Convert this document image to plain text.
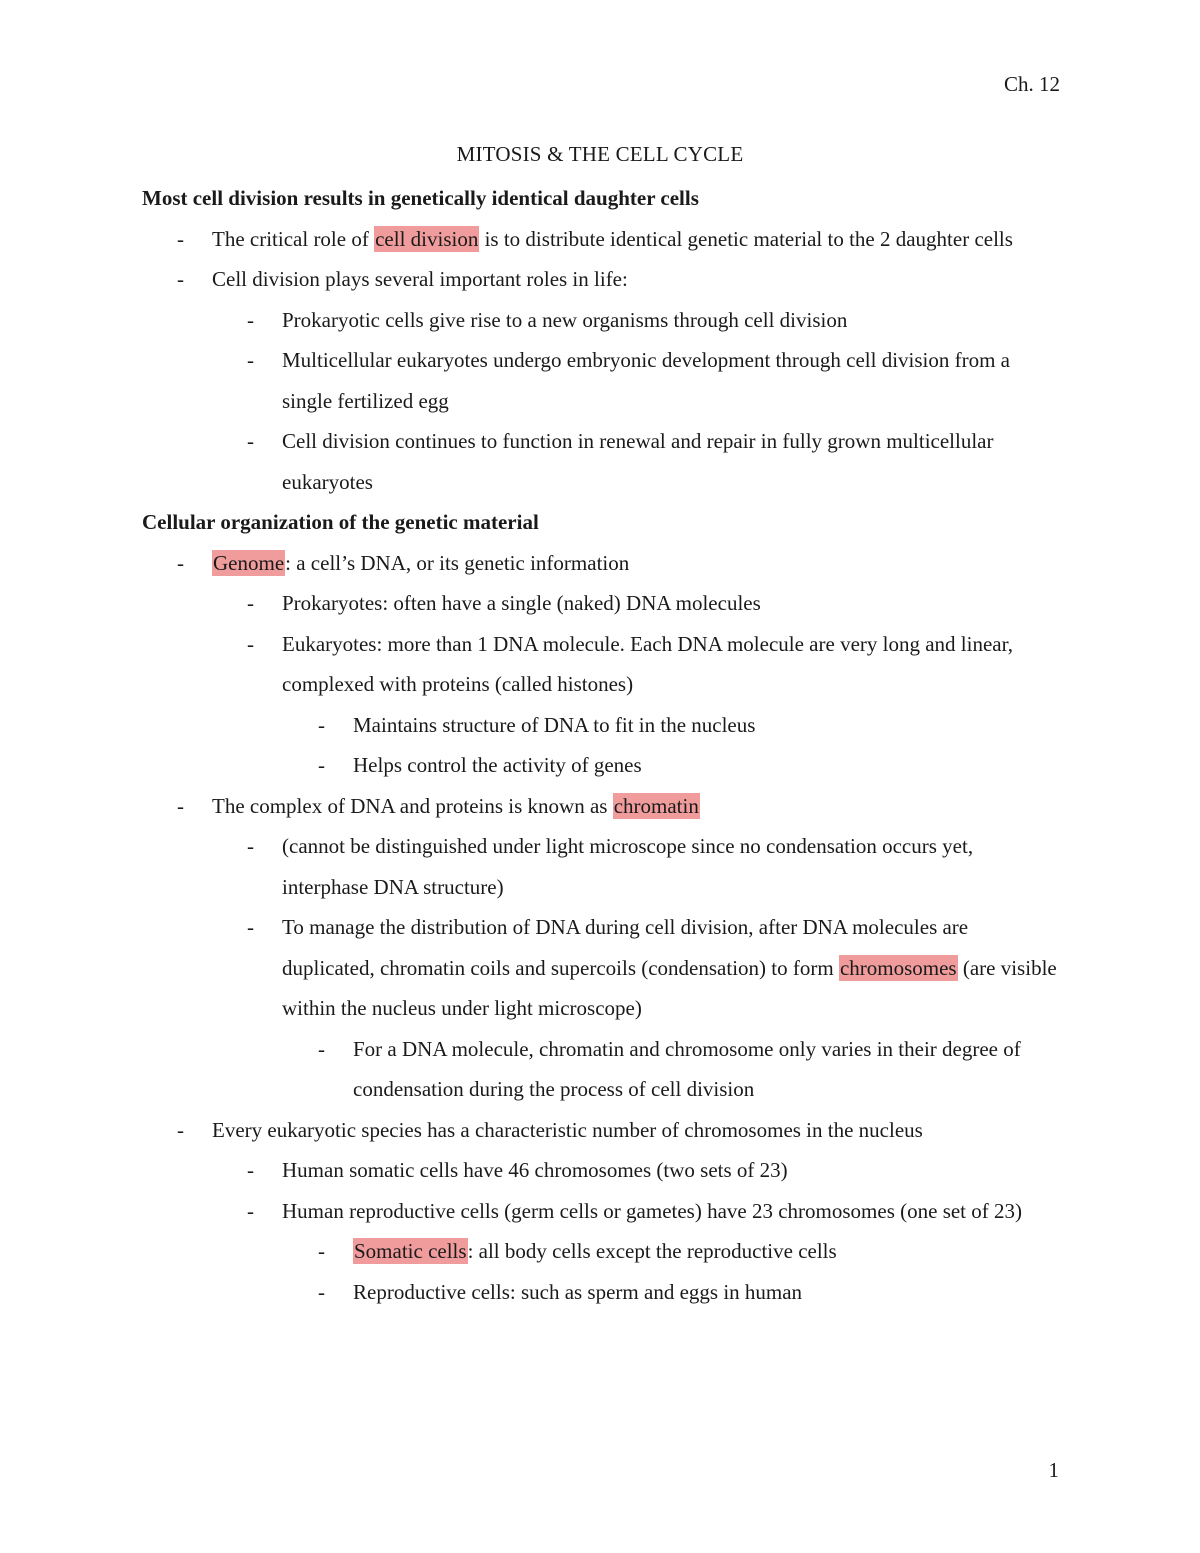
Ch. 12
MITOSIS & THE CELL CYCLE

Most cell division results in genetically identical daughter cells

- The critical role of cell division is to distribute identical genetic material to the 2 daughter cells

- Cell division plays several important roles in life:

- Prokaryotic cells give rise to a new organisms through cell division

- Multicellular eukaryotes undergo embryonic development through cell division from a single fertilized egg

- Cell division continues to function in renewal and repair in fully grown multicellular eukaryotes

Cellular organization of the genetic material

- Genome: a cell’s DNA, or its genetic information

- Prokaryotes: often have a single (naked) DNA molecules

- Eukaryotes: more than 1 DNA molecule. Each DNA molecule are very long and linear, complexed with proteins (called histones)

- Maintains structure of DNA to fit in the nucleus

- Helps control the activity of genes

- The complex of DNA and proteins is known as chromatin

- (cannot be distinguished under light microscope since no condensation occurs yet, interphase DNA structure)

- To manage the distribution of DNA during cell division, after DNA molecules are duplicated, chromatin coils and supercoils (condensation) to form chromosomes (are visible within the nucleus under light microscope)

- For a DNA molecule, chromatin and chromosome only varies in their degree of condensation during the process of cell division

- Every eukaryotic species has a characteristic number of chromosomes in the nucleus

- Human somatic cells have 46 chromosomes (two sets of 23)

- Human reproductive cells (germ cells or gametes) have 23 chromosomes (one set of 23)

- Somatic cells: all body cells except the reproductive cells

- Reproductive cells: such as sperm and eggs in human

1
